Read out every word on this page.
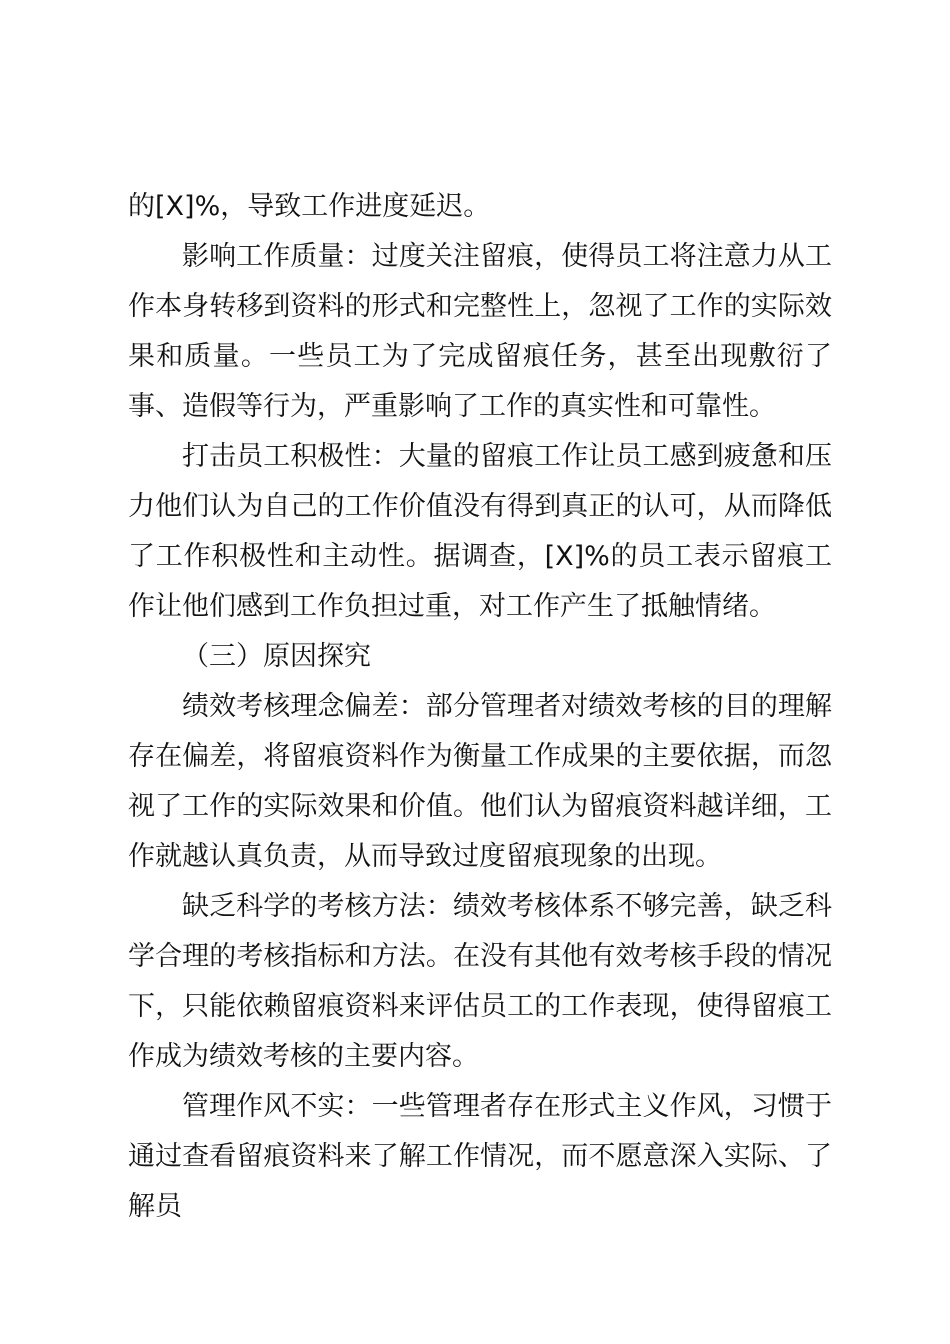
的[X]%，导致工作进度延迟。

影响工作质量：过度关注留痕，使得员工将注意力从工作本身转移到资料的形式和完整性上，忽视了工作的实际效果和质量。一些员工为了完成留痕任务，甚至出现敷衍了事、造假等行为，严重影响了工作的真实性和可靠性。

打击员工积极性：大量的留痕工作让员工感到疲惫和压力他们认为自己的工作价值没有得到真正的认可，从而降低了工作积极性和主动性。据调查，[X]%的员工表示留痕工作让他们感到工作负担过重，对工作产生了抵触情绪。

（三）原因探究

绩效考核理念偏差：部分管理者对绩效考核的目的理解存在偏差，将留痕资料作为衡量工作成果的主要依据，而忽视了工作的实际效果和价值。他们认为留痕资料越详细，工作就越认真负责，从而导致过度留痕现象的出现。

缺乏科学的考核方法：绩效考核体系不够完善，缺乏科学合理的考核指标和方法。在没有其他有效考核手段的情况下，只能依赖留痕资料来评估员工的工作表现，使得留痕工作成为绩效考核的主要内容。

管理作风不实：一些管理者存在形式主义作风，习惯于通过查看留痕资料来了解工作情况，而不愿意深入实际、了解员
